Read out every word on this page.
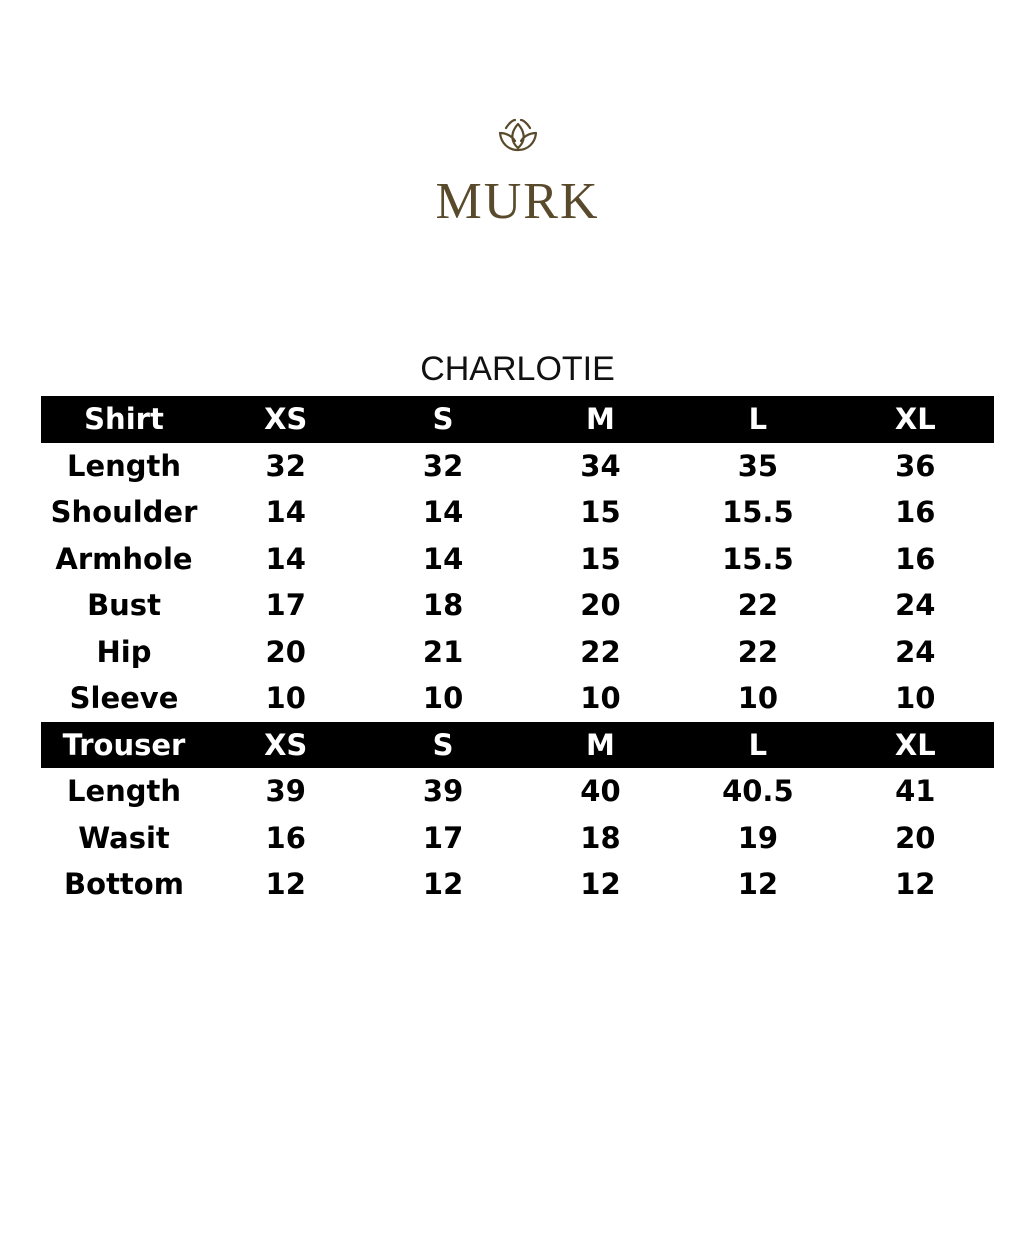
MURK
CHARLOTIE
Shirt	XS	S	M	L	XL
Length	32	32	34	35	36
Shoulder	14	14	15	15.5	16
Armhole	14	14	15	15.5	16
Bust	17	18	20	22	24
Hip	20	21	22	22	24
Sleeve	10	10	10	10	10
Trouser	XS	S	M	L	XL
Length	39	39	40	40.5	41
Wasit	16	17	18	19	20
Bottom	12	12	12	12	12
